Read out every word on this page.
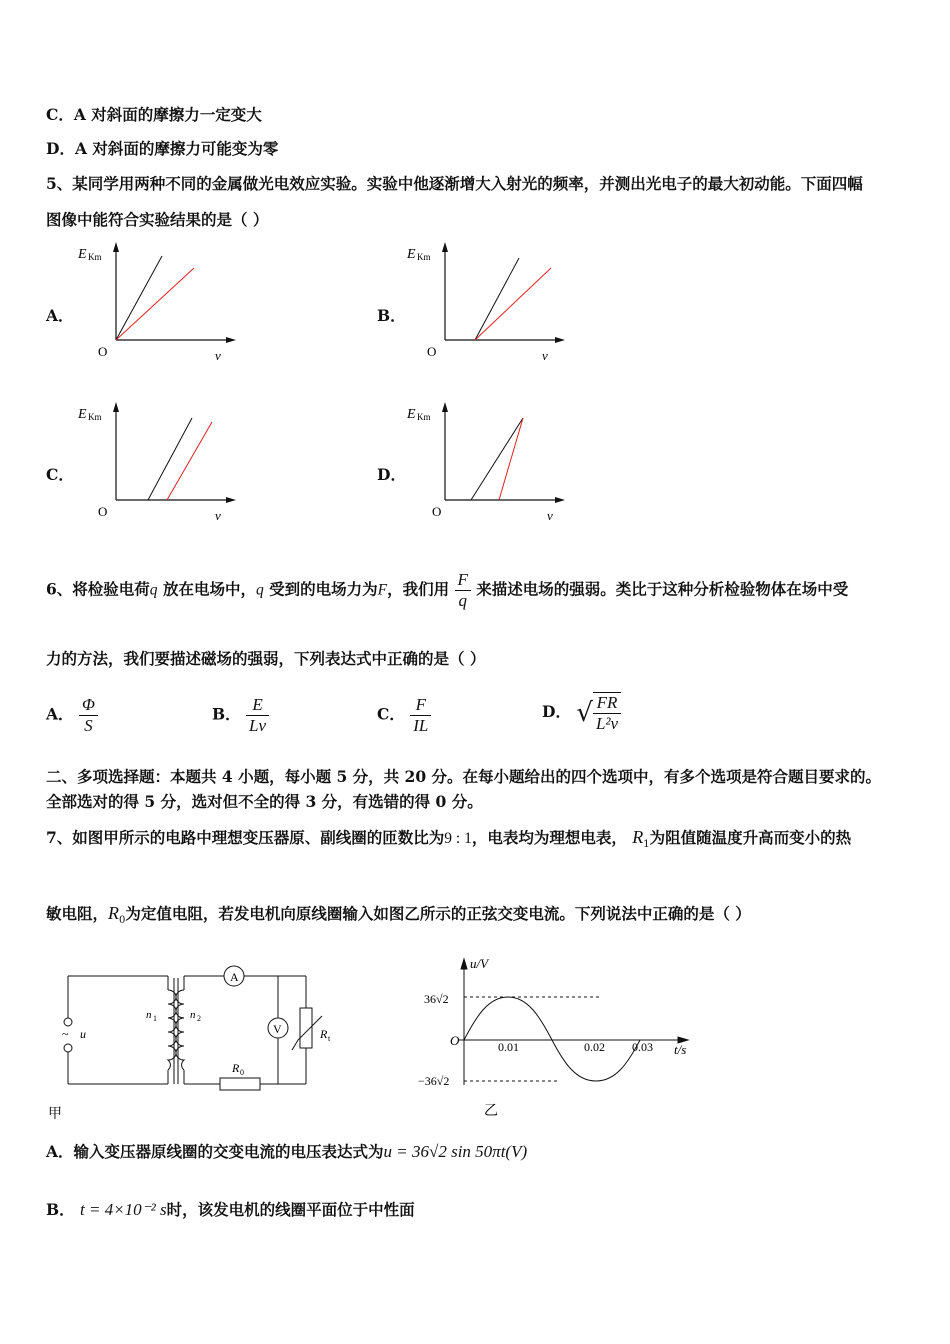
C．A 对斜面的摩擦力一定变大
D．A 对斜面的摩擦力可能变为零
5、某同学用两种不同的金属做光电效应实验。实验中他逐渐增大入射光的频率，并测出光电子的最大初动能。下面四幅
图像中能符合实验结果的是（ ）
A．	B．
C．	D．
E Km
O	ν
E Km
O	ν
E Km
O	ν
E Km
O	ν
6、将检验电荷q 放在电场中，q 受到的电场力为F，我们用 $\frac{F}{q}$ 来描述电场的强弱。类比于这种分析检验物体在场中受
力的方法，我们要描述磁场的强弱，下列表达式中正确的是（ ）
A． $\frac{\Phi}{S}$	B． $\frac{E}{Lv}$	C． $\frac{F}{IL}$	D． √ $\frac{FR}{\text{L²v}}$
二、多项选择题：本题共 4 小题，每小题 5 分，共 20 分。在每小题给出的四个选项中，有多个选项是符合题目要求的。
全部选对的得 5 分，选对但不全的得 3 分，有选错的得 0 分。
7、如图甲所示的电路中理想变压器原、副线圈的匝数比为9 : 1，电表均为理想电表， $R_1$为阻值随温度升高而变小的热
敏电阻，$R_0$为定值电阻，若发电机向原线圈输入如图乙所示的正弦交变电流。下列说法中正确的是（ ）
~ u
n 1	n 2
A
V	R t
R 0
甲
u/V
t/s
O
36√2
−36√2
0.01	0.02 0.03
乙
A．输入变压器原线圈的交变电流的电压表达式为u = 36√2 sin 50πt(V)
B． t = 4×10⁻² s时，该发电机的线圈平面位于中性面
